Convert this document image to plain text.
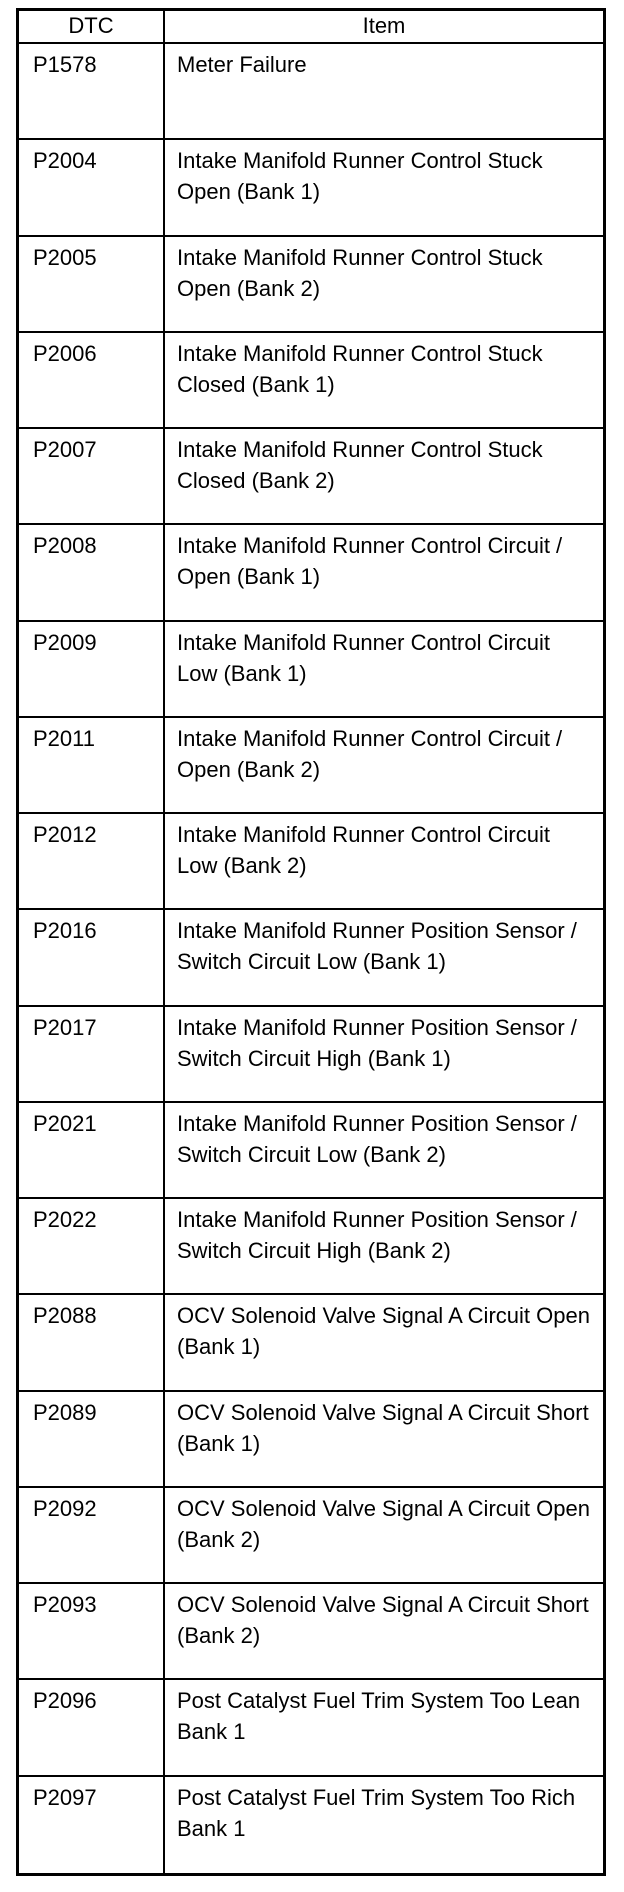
DTC	Item
P1578	Meter Failure
P2004	Intake Manifold Runner Control Stuck Open (Bank 1)
P2005	Intake Manifold Runner Control Stuck Open (Bank 2)
P2006	Intake Manifold Runner Control Stuck Closed (Bank 1)
P2007	Intake Manifold Runner Control Stuck Closed (Bank 2)
P2008	Intake Manifold Runner Control Circuit / Open (Bank 1)
P2009	Intake Manifold Runner Control Circuit Low (Bank 1)
P2011	Intake Manifold Runner Control Circuit / Open (Bank 2)
P2012	Intake Manifold Runner Control Circuit Low (Bank 2)
P2016	Intake Manifold Runner Position Sensor / Switch Circuit Low (Bank 1)
P2017	Intake Manifold Runner Position Sensor / Switch Circuit High (Bank 1)
P2021	Intake Manifold Runner Position Sensor / Switch Circuit Low (Bank 2)
P2022	Intake Manifold Runner Position Sensor / Switch Circuit High (Bank 2)
P2088	OCV Solenoid Valve Signal A Circuit Open (Bank 1)
P2089	OCV Solenoid Valve Signal A Circuit Short (Bank 1)
P2092	OCV Solenoid Valve Signal A Circuit Open (Bank 2)
P2093	OCV Solenoid Valve Signal A Circuit Short (Bank 2)
P2096	Post Catalyst Fuel Trim System Too Lean Bank 1
P2097	Post Catalyst Fuel Trim System Too Rich Bank 1
